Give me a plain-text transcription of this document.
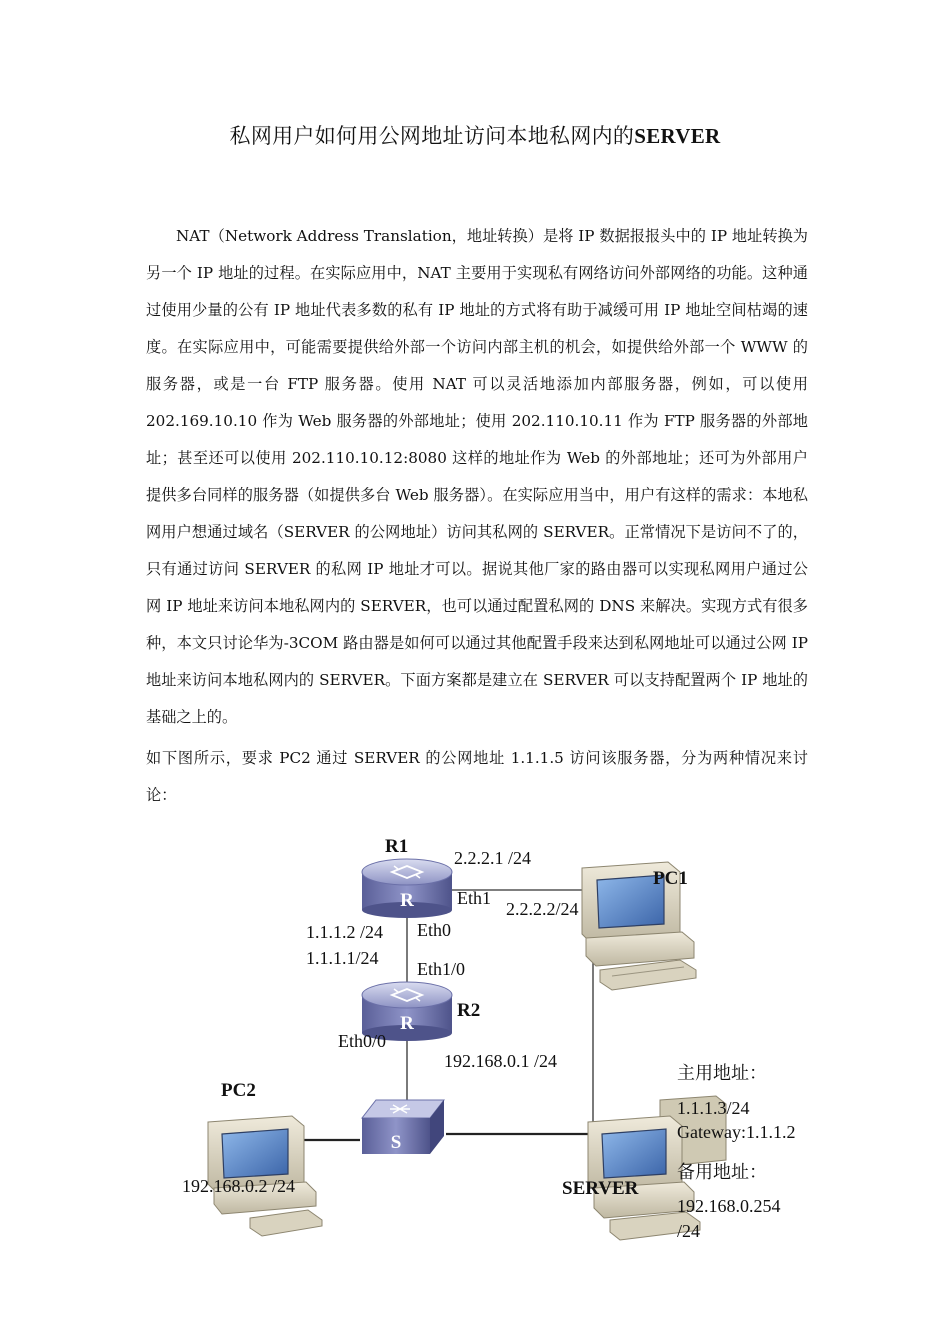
私网用户如何用公网地址访问本地私网内的SERVER

NAT（Network Address Translation，地址转换）是将 IP 数据报报头中的 IP 地址转换为另一个 IP 地址的过程。在实际应用中，NAT 主要用于实现私有网络访问外部网络的功能。这种通过使用少量的公有 IP 地址代表多数的私有 IP 地址的方式将有助于减缓可用 IP 地址空间枯竭的速度。在实际应用中，可能需要提供给外部一个访问内部主机的机会，如提供给外部一个 WWW 的服务器，或是一台 FTP 服务器。使用 NAT 可以灵活地添加内部服务器，例如，可以使用 202.169.10.10 作为 Web 服务器的外部地址；使用 202.110.10.11 作为 FTP 服务器的外部地址；甚至还可以使用 202.110.10.12:8080 这样的地址作为 Web 的外部地址；还可为外部用户提供多台同样的服务器（如提供多台 Web 服务器）。在实际应用当中，用户有这样的需求：本地私网用户想通过域名（SERVER 的公网地址）访问其私网的 SERVER。正常情况下是访问不了的，只有通过访问 SERVER 的私网 IP 地址才可以。据说其他厂家的路由器可以实现私网用户通过公网 IP 地址来访问本地私网内的 SERVER，也可以通过配置私网的 DNS 来解决。实现方式有很多种，本文只讨论华为-3COM 路由器是如何可以通过其他配置手段来达到私网地址可以通过公网 IP 地址来访问本地私网内的 SERVER。下面方案都是建立在 SERVER 可以支持配置两个 IP 地址的基础之上的。

如下图所示，要求 PC2 通过 SERVER 的公网地址 1.1.1.5 访问该服务器，分为两种情况来讨论：

R
R
S
R1
2.2.2.1 /24
PC1
Eth1
2.2.2.2/24
1.1.1.2 /24 Eth0
1.1.1.1/24
Eth1/0
R2
Eth0/0
192.168.0.1 /24
主用地址：
PC2
1.1.1.3/24
Gateway:1.1.1.2
备用地址：
192.168.0.2 /24	SERVER
192.168.0.254
/24
